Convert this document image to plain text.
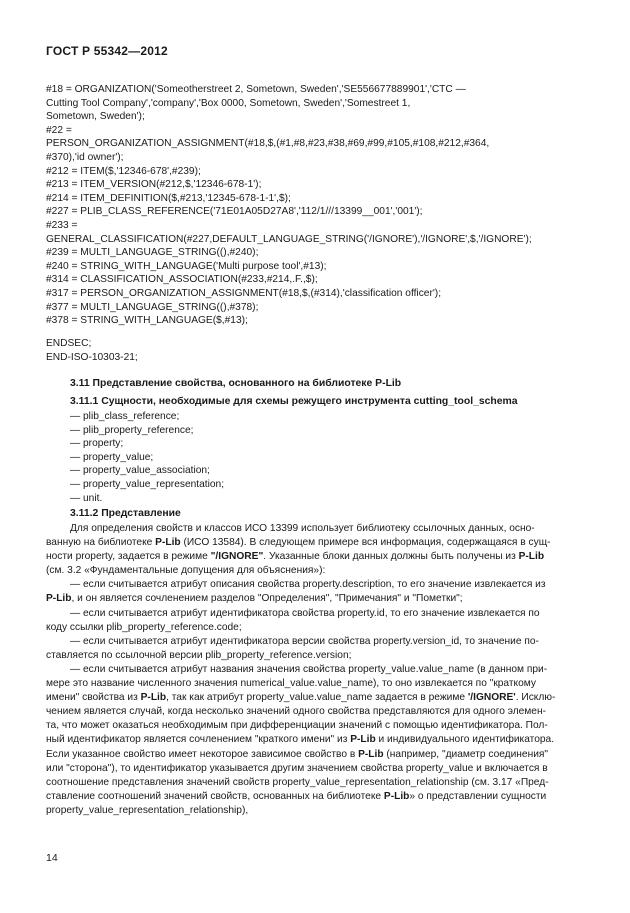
ГОСТ Р 55342—2012
#18 = ORGANIZATION('Someotherstreet 2, Sometown, Sweden','SE556677889901','CTC —
Cutting Tool Company','company','Box 0000, Sometown, Sweden','Somestreet 1,
Sometown, Sweden');
#22 =
PERSON_ORGANIZATION_ASSIGNMENT(#18,$,(#1,#8,#23,#38,#69,#99,#105,#108,#212,#364,
#370),'id owner');
#212 = ITEM($,'12346-678',#239);
#213 = ITEM_VERSION(#212,$,'12346-678-1');
#214 = ITEM_DEFINITION($,#213,'12345-678-1-1',$);
#227 = PLIB_CLASS_REFERENCE('71E01A05D27A8','112/1///13399__001','001');
#233 =
GENERAL_CLASSIFICATION(#227,DEFAULT_LANGUAGE_STRING('/IGNORE'),'/IGNORE',$,'/IGNORE');
#239 = MULTI_LANGUAGE_STRING((),#240);
#240 = STRING_WITH_LANGUAGE('Multi purpose tool',#13);
#314 = CLASSIFICATION_ASSOCIATION(#233,#214,.F.,$);
#317 = PERSON_ORGANIZATION_ASSIGNMENT(#18,$,(#314),'classification officer');
#377 = MULTI_LANGUAGE_STRING((),#378);
#378 = STRING_WITH_LANGUAGE($,#13);
ENDSEC;
END-ISO-10303-21;
3.11 Представление свойства, основанного на библиотеке P-Lib
3.11.1 Сущности, необходимые для схемы режущего инструмента cutting_tool_schema
— plib_class_reference;
— plib_property_reference;
— property;
— property_value;
— property_value_association;
— property_value_representation;
— unit.
3.11.2 Представление
Для определения свойств и классов ИСО 13399 использует библиотеку ссылочных данных, осно-
ванную на библиотеке P-Lib (ИСО 13584). В следующем примере вся информация, содержащаяся в сущ-
ности property, задается в режиме "/IGNORE". Указанные блоки данных должны быть получены из P-Lib
(см. 3.2 «Фундаментальные допущения для объяснения»):
— если считывается атрибут описания свойства property.description, то его значение извлекается из
P-Lib, и он является сочленением разделов "Определения", "Примечания" и "Пометки";
— если считывается атрибут идентификатора свойства property.id, то его значение извлекается по
коду ссылки plib_property_reference.code;
— если считывается атрибут идентификатора версии свойства property.version_id, то значение по-
ставляется по ссылочной версии plib_property_reference.version;
— если считывается атрибут названия значения свойства property_value.value_name (в данном при-
мере это название численного значения numerical_value.value_name), то оно извлекается по "краткому
имени" свойства из P-Lib, так как атрибут property_value.value_name задается в режиме '/IGNORE'. Исклю-
чением является случай, когда несколько значений одного свойства представляются для одного элемен-
та, что может оказаться необходимым при дифференциации значений с помощью идентификатора. Пол-
ный идентификатор является сочленением "краткого имени" из P-Lib и индивидуального идентификатора.
Если указанное свойство имеет некоторое зависимое свойство в P-Lib (например, "диаметр соединения"
или "сторона"), то идентификатор указывается другим значением свойства property_value и включается в
соотношение представления значений свойств property_value_representation_relationship (см. 3.17 «Пред-
ставление соотношений значений свойств, основанных на библиотеке P-Lib» о представлении сущности
property_value_representation_relationship),
14
